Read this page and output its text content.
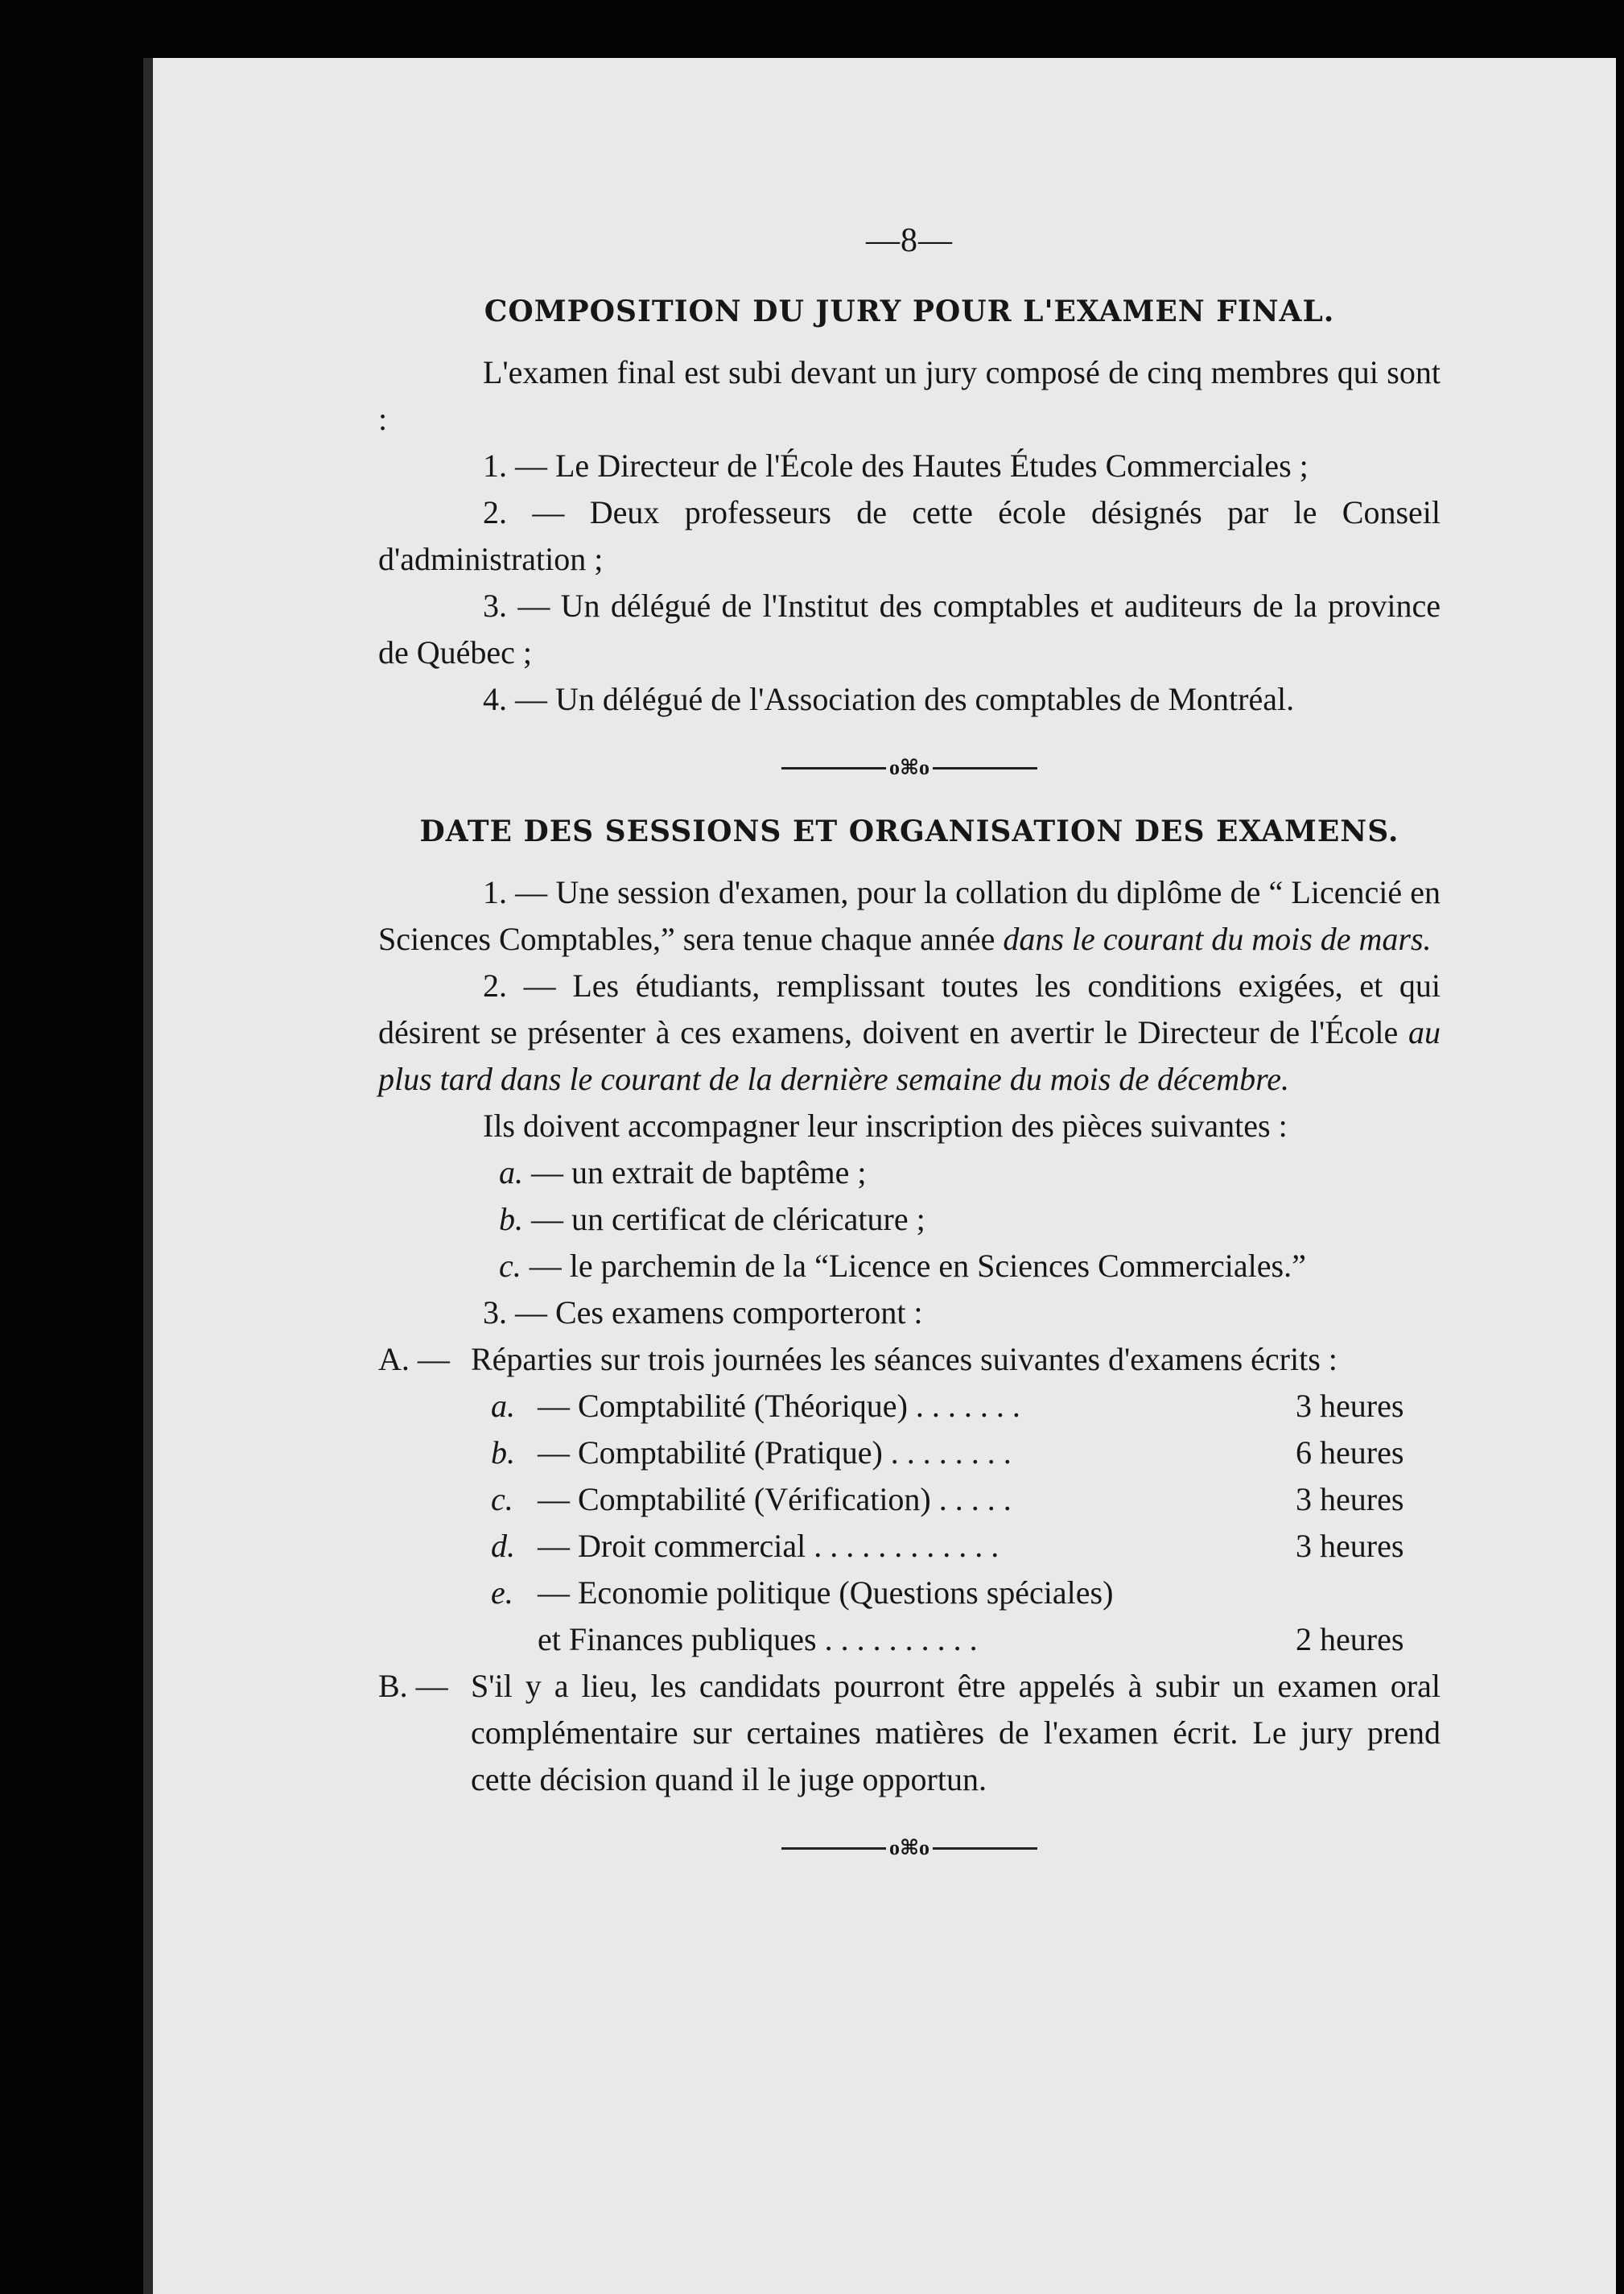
—8—
COMPOSITION DU JURY POUR L'EXAMEN FINAL.

L'examen final est subi devant un jury composé de cinq membres qui sont :

1. — Le Directeur de l'École des Hautes Études Commerciales ;

2. — Deux professeurs de cette école désignés par le Conseil d'administration ;

3. — Un délégué de l'Institut des comptables et auditeurs de la province de Québec ;

4. — Un délégué de l'Association des comptables de Montréal.

o⌘o
DATE DES SESSIONS ET ORGANISATION DES EXAMENS.

1. — Une session d'examen, pour la collation du diplôme de “ Licencié en Sciences Comptables,” sera tenue chaque année dans le courant du mois de mars.

2. — Les étudiants, remplissant toutes les conditions exigées, et qui désirent se présenter à ces examens, doivent en avertir le Directeur de l'École au plus tard dans le courant de la dernière semaine du mois de décembre.

Ils doivent accompagner leur inscription des pièces suivantes :

a. — un extrait de baptême ;

b. — un certificat de cléricature ;

c. — le parchemin de la “Licence en Sciences Commerciales.”

3. — Ces examens comporteront :

A. — Réparties sur trois journées les séances suivantes d'examens écrits :
a. — Comptabilité (Théorique) . . . . . . .	3 heures
b. — Comptabilité (Pratique) . . . . . . . .	6 heures
c. — Comptabilité (Vérification) . . . . .	3 heures
d. — Droit commercial . . . . . . . . . . . .	3 heures
e. — Economie politique (Questions spéciales)
et Finances publiques . . . . . . . . . .	2 heures
B. — S'il y a lieu, les candidats pourront être appelés à subir un examen oral complémentaire sur certaines matières de l'examen écrit. Le jury prend cette décision quand il le juge opportun.
o⌘o
